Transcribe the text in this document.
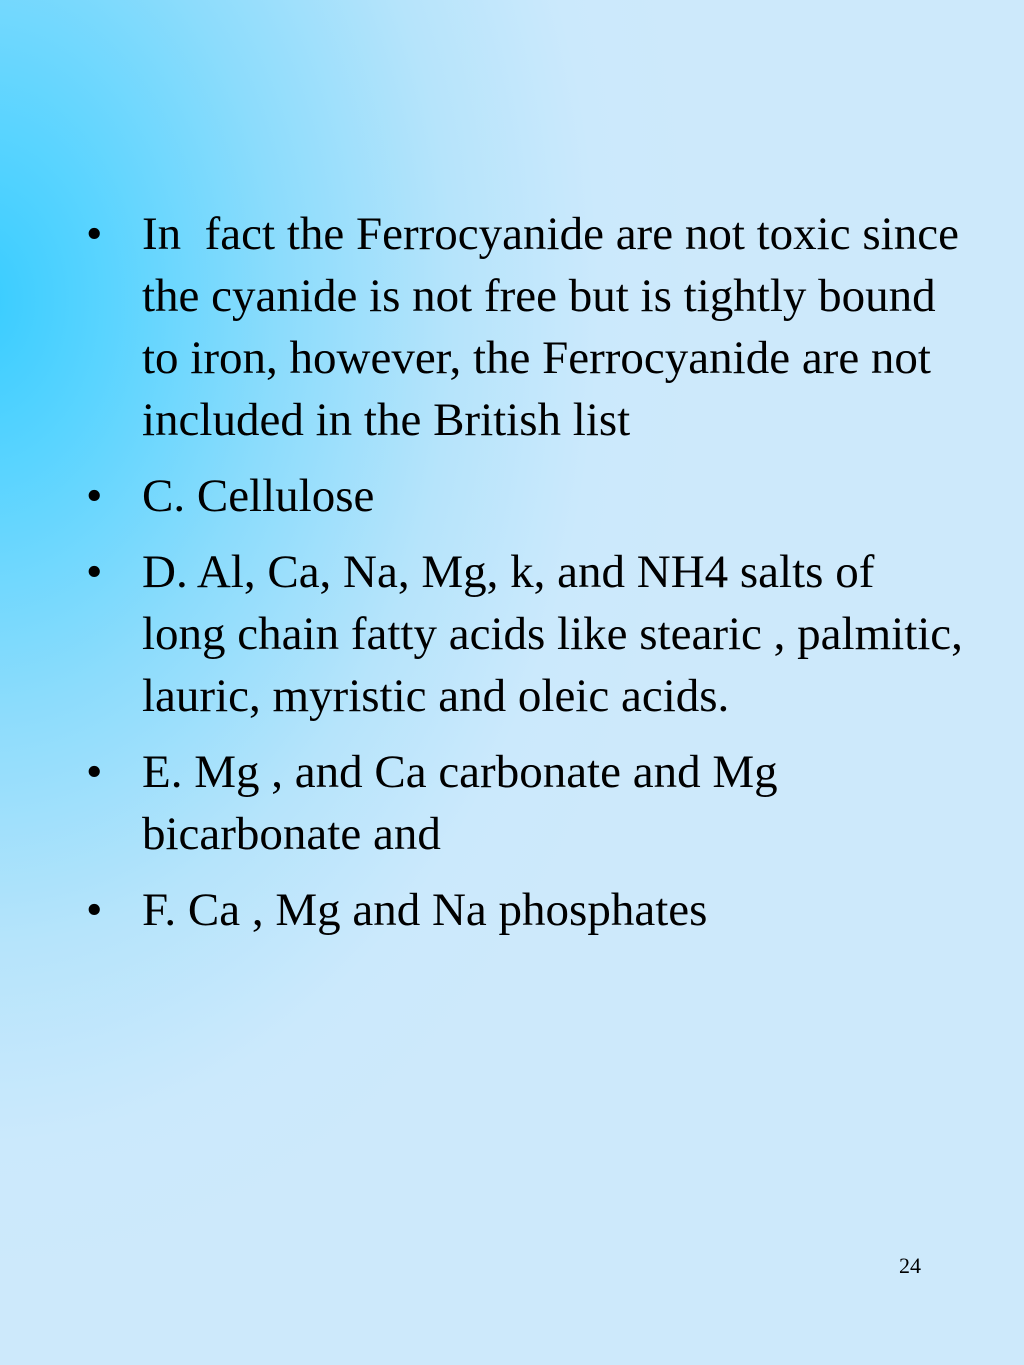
• In  fact the Ferrocyanide are not toxic since the cyanide is not free but is tightly bound to iron, however, the Ferrocyanide are not included in the British list
• C. Cellulose
• D. Al, Ca, Na, Mg, k, and NH4 salts of long chain fatty acids like stearic , palmitic, lauric, myristic and oleic acids.
• E. Mg , and Ca carbonate and Mg bicarbonate and
• F. Ca , Mg and Na phosphates
24
